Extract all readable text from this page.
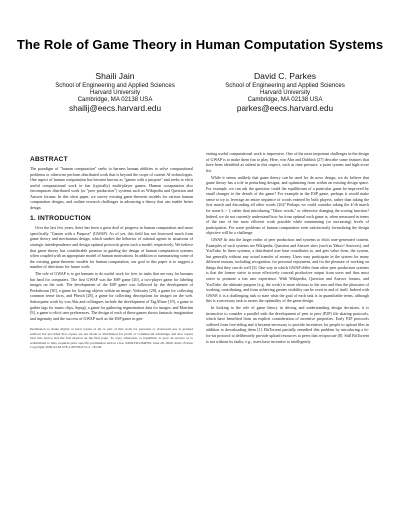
The Role of Game Theory in Human Computation Systems
Shaili Jain
School of Engineering and Applied Sciences
Harvard University
Cambridge, MA 02138 USA
shailij@eecs.harvard.edu
David C. Parkes
School of Engineering and Applied Sciences
Harvard University
Cambridge, MA 02138 USA
parkes@eecs.harvard.edu
ABSTRACT

The paradigm of "human computation" seeks to harness human abilities to solve computational problems or otherwise perform distributed work that is beyond the scope of current AI technologies. One aspect of human computation has become known as "games with a purpose" and seeks to elicit useful computational work in fun (typically) multi-player games. Human computation also encompasses distributed work (or "peer production") systems such as Wikipedia and Question and Answer forums. In this short paper, we survey existing game-theoretic models for various human computation designs, and outline research challenges in advancing a theory that can enable better design.

1. INTRODUCTION

Over the last few years, there has been a great deal of progress in human computation and more specifically "Games with a Purpose" (GWAP). As of yet, this field has not borrowed much from game theory and mechanism design, which studies the behavior of rational agents in situations of strategic interdependence and design optimal protocols given such a model, respectively. We believe that game theory has considerable promise in guiding the design of human computation systems when coupled with an appropriate model of human motivations. In addition to summarizing some of the existing game-theoretic models for human computation, our goal in this paper is to suggest a number of directions for future work.

The role of GWAP is to get humans to do useful work for free, in tasks that are easy for humans but hard for computers. The first GWAP was the ESP game [20], a two-player game for labeling images on the web. The development of the ESP game was followed by the development of Peekaboom [30], a game for locating objects within an image, Verbosity [29], a game for collecting common sense facts, and Phetch [28], a game for collecting descriptions for images on the web. Subsequent work by von Ahn and colleagues include the development of TagATune [19], a game to gather tags for music clips, Squigl, a game for gathering segmentation data for images, and Matchin [9], a game to elicit user preferences. The design of each of these games shows fantastic imagination and ingenuity and the success of GWAP such as the ESP game in gen-

Permission to make digital or hard copies of all or part of this work for personal or classroom use is granted without fee provided that copies are not made or distributed for profit or commercial advantage and that copies bear this notice and the full citation on the first page. To copy otherwise, to republish, to post on servers or to redistribute to lists, requires prior specific permission and/or a fee. KDD-HCOMP'09, June 28, 2009, Paris, France Copyright 2009 ACM 978-1-60558-672-4 ...$5.00.

erating useful computational work is impressive. One of the most important challenges in the design of GWAP is to make them fun to play. Here, von Ahn and Dabbish [27] describe some features that have been identified as salient in this respect, such as time pressure, a point system and high-score list.

While it seems unlikely that game theory can be used for de novo design, we do believe that game theory has a role in perturbing designs, and optimizing from within an existing design space. For example, we can ask the question: could the equilibrium of a particular game be improved by small changes to the details of the game? For example in the ESP game, perhaps it would make sense to try to leverage an entire sequence of words entered by both players, rather than taking the first match and discarding all other words [26]? Perhaps we could consider taking the k^th match for some k > 1, rather than introducing "Taboo words," or otherwise changing the scoring function? Indeed, we do not currently understand how far from optimal each game is; when measured in terms of the rate of the most efficient work possible while maintaining (or increasing) levels of participation. For some problems of human computation even satisfactorily formalizing the design objective will be a challenge.

GWAP fit into the larger realm of peer production and systems to elicit user-generated content. Examples of such systems are Wikipedia, Question and Answer sites (such as Yahoo! Answers), and YouTube. In these systems, a distributed user base contributes to, and gets value from, the system, but generally without any actual transfer of money. Users may participate in the system for many different reasons, including recognition, for personal enjoyment, and for the pleasure of working on things that they can do well [3]. One way in which GWAP differ from other peer production systems is that the former strive to more effectively conceal productive output from users and thus must strive to promote a fun user experience. With Wikipedia, Question and Answer forums, and YouTube, the ultimate purpose (e.g. the work) is more obvious to the user and thus the pleasures of working, contributing, and from achieving greater visibility can be overt in and of itself. Indeed with GWAP, it is a challenging task to state what the goal of each task is in quantifiable terms, although this is a necessary task to assess the optimality of the game design.

In looking to the role of game theory in driving and understanding design decisions, it is instructive to consider a parallel with the development of peer to peer (P2P) file sharing protocols, which have benefited from an explicit consideration of incentive properties. Early P2P protocols suffered from free-riding and it became necessary to provide incentives for people to upload files in addition to downloading them [1]. BitTorrent partially remedied this problem by introducing a tit-for-tat protocol to deliberately provide upload resources to peers that reciprocate [8]. Still BitTorrent is not without its faults; e.g., users have incentive to intelligently
